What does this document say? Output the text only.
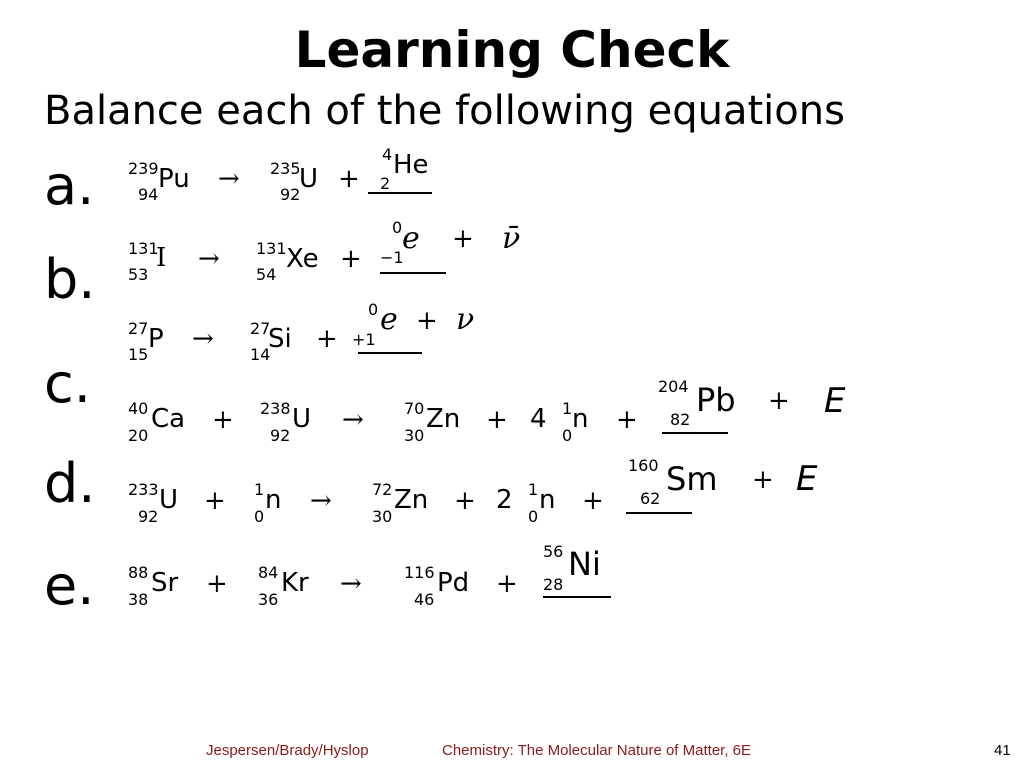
Learning Check
Balance each of the following equations
a.
b.
c.
d.
e.
239
94
Pu → 235
92
U +
4
2
He
131
53
I → 131
54
Xe +
0
−1
e + ν̄
27
15
P → 27
14
Si +
0
+1
e + ν
40
20
Ca + 238
92
U →	70
30
Zn + 4 1
0
n +
204
82
Pb + E
233
92
U + 1
0
n →	72
30
Zn + 2 1
0
n +
160
62
Sm + E
88
38
Sr + 84
36
Kr →	116
46
Pd +
56
28
Ni
Jespersen/Brady/Hyslop	Chemistry: The Molecular Nature of Matter, 6E	41
